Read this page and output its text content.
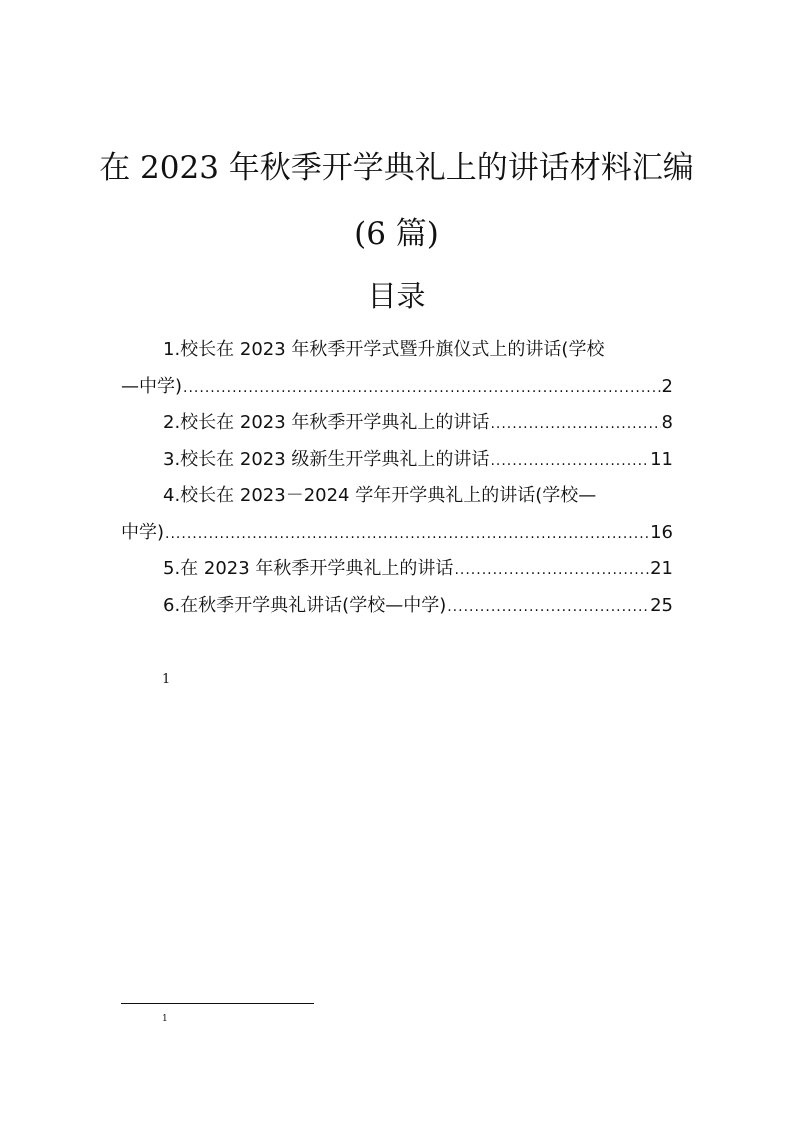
在 2023 年秋季开学典礼上的讲话材料汇编
(6 篇)
目录
1.校长在 2023 年秋季开学式暨升旗仪式上的讲话(学校
—中学) .....	2
2.校长在 2023 年秋季开学典礼上的讲话 .....	8
3.校长在 2023 级新生开学典礼上的讲话 .....	11
4.校长在 2023－2024 学年开学典礼上的讲话(学校—
中学) .....	16
5.在 2023 年秋季开学典礼上的讲话 .....	21
6.在秋季开学典礼讲话(学校—中学) .....	25
1
1
